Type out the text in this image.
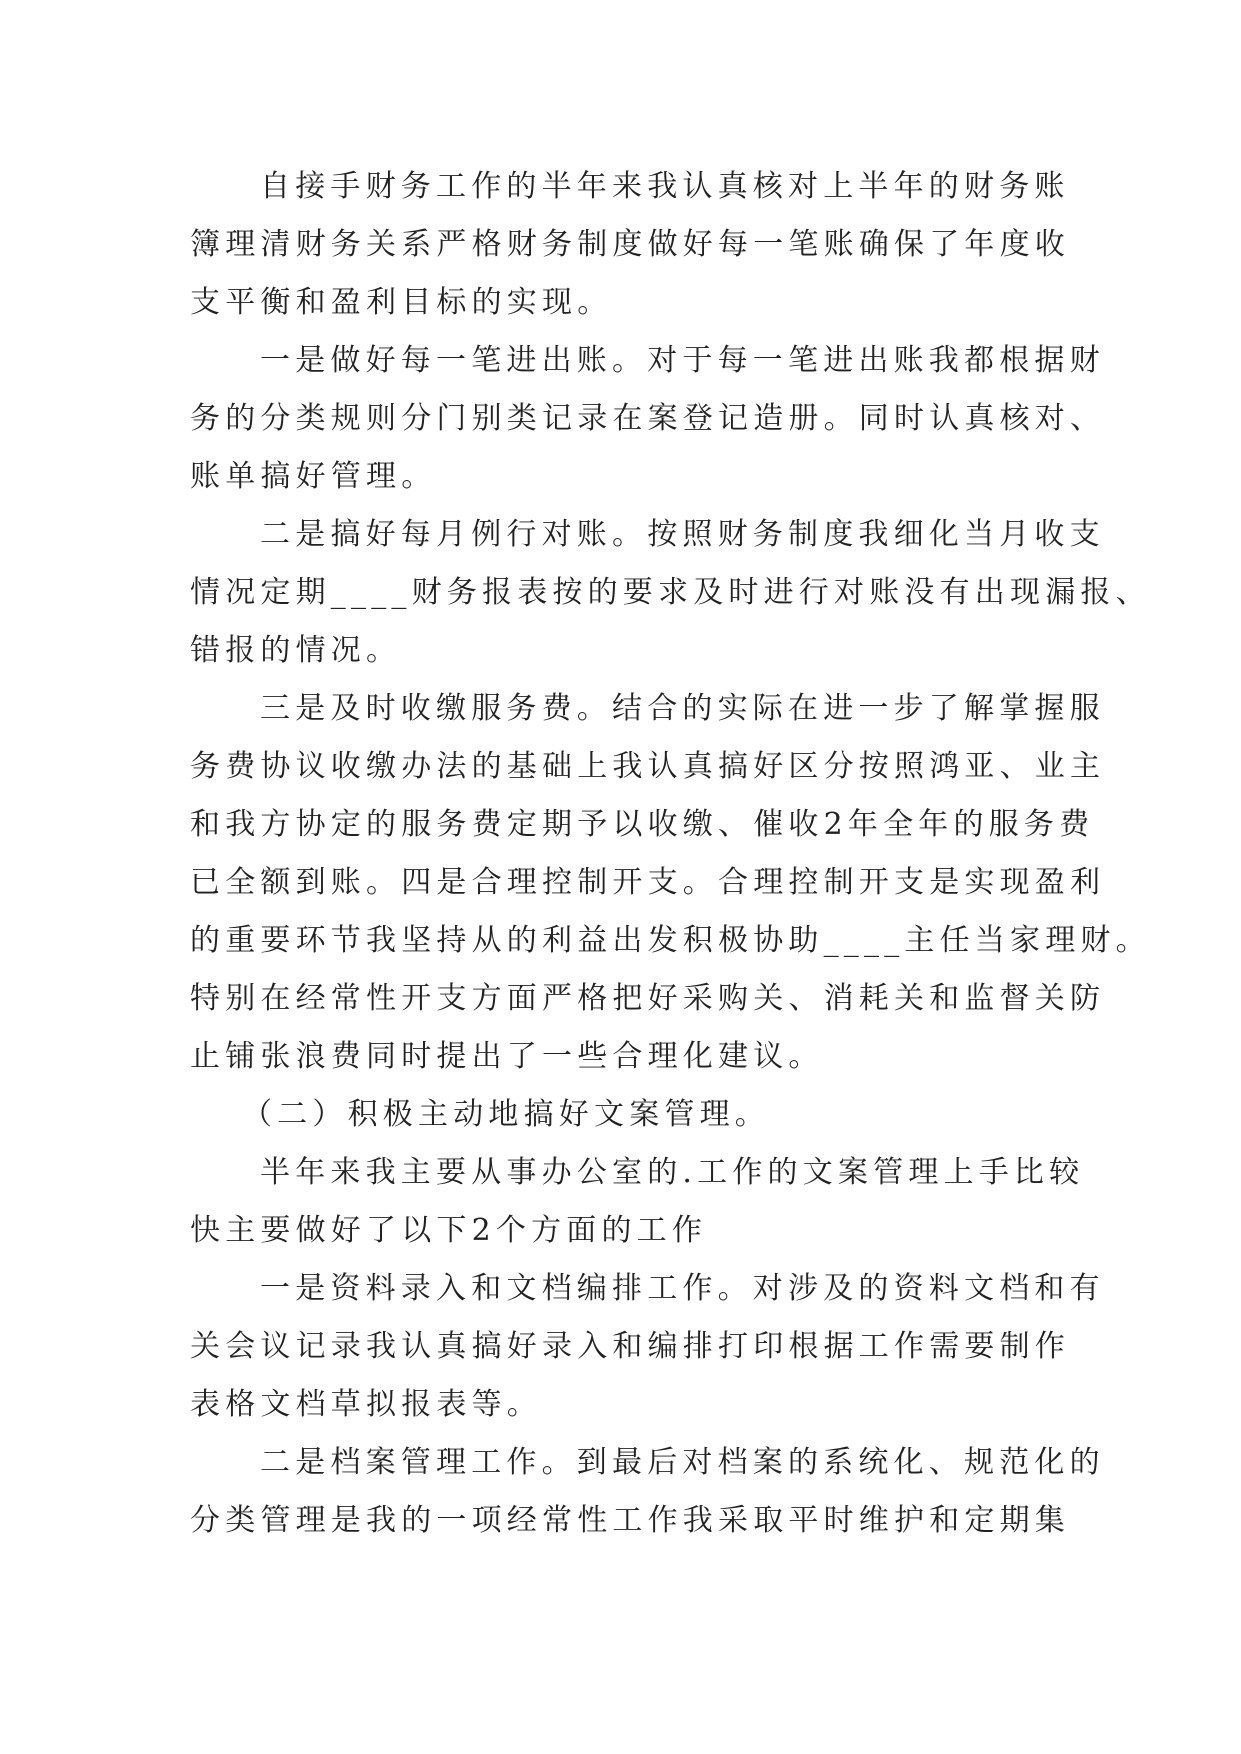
自接手财务工作的半年来我认真核对上半年的财务账
簿理清财务关系严格财务制度做好每一笔账确保了年度收
支平衡和盈利目标的实现。
一是做好每一笔进出账。对于每一笔进出账我都根据财
务的分类规则分门别类记录在案登记造册。同时认真核对、
账单搞好管理。
二是搞好每月例行对账。按照财务制度我细化当月收支
情况定期____财务报表按的要求及时进行对账没有出现漏报、
错报的情况。
三是及时收缴服务费。结合的实际在进一步了解掌握服
务费协议收缴办法的基础上我认真搞好区分按照鸿亚、业主
和我方协定的服务费定期予以收缴、催收2年全年的服务费
已全额到账。四是合理控制开支。合理控制开支是实现盈利
的重要环节我坚持从的利益出发积极协助____主任当家理财。
特别在经常性开支方面严格把好采购关、消耗关和监督关防
止铺张浪费同时提出了一些合理化建议。
（二）积极主动地搞好文案管理。
半年来我主要从事办公室的.工作的文案管理上手比较
快主要做好了以下2个方面的工作
一是资料录入和文档编排工作。对涉及的资料文档和有
关会议记录我认真搞好录入和编排打印根据工作需要制作
表格文档草拟报表等。
二是档案管理工作。到最后对档案的系统化、规范化的
分类管理是我的一项经常性工作我采取平时维护和定期集
